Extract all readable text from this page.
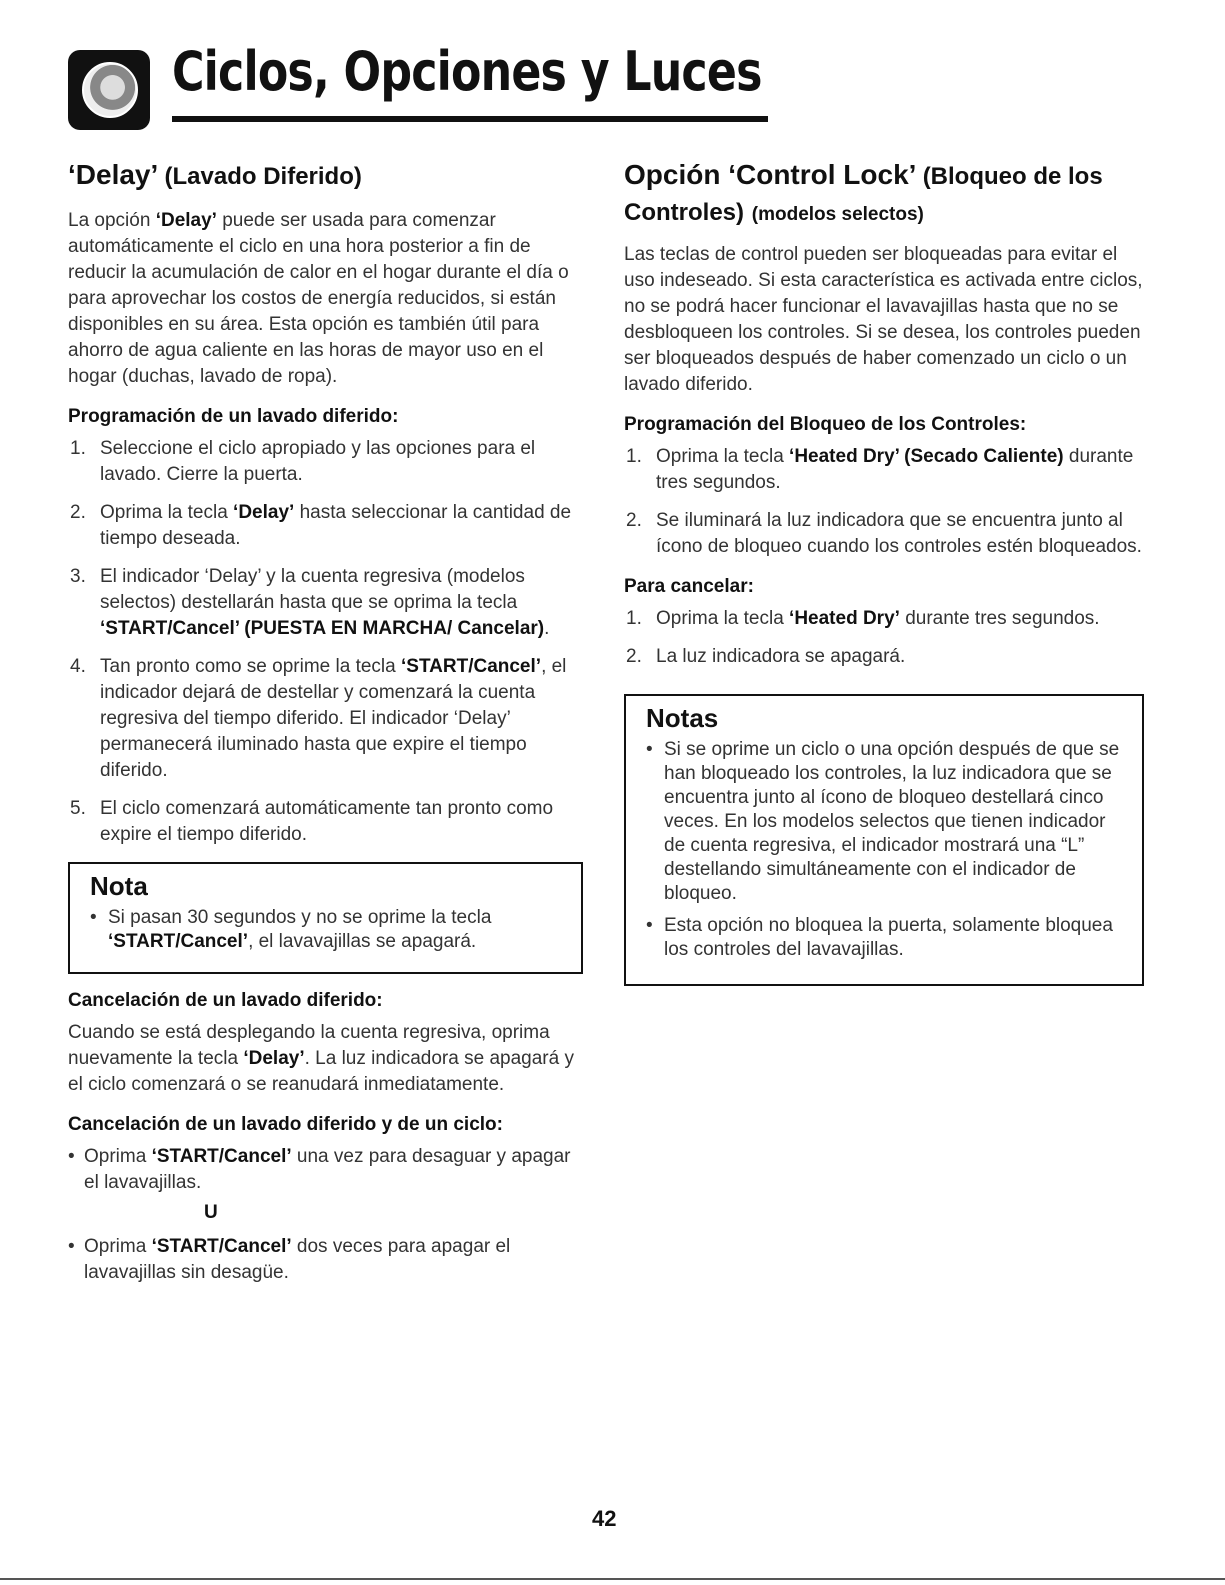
Ciclos, Opciones y Luces
‘Delay’ (Lavado Diferido)

La opción ‘Delay’ puede ser usada para comenzar automáticamente el ciclo en una hora posterior a fin de reducir la acumulación de calor en el hogar durante el día o para aprovechar los costos de energía reducidos, si están disponibles en su área. Esta opción es también útil para ahorro de agua caliente en las horas de mayor uso en el hogar (duchas, lavado de ropa).

Programación de un lavado diferido:
1. Seleccione el ciclo apropiado y las opciones para el lavado. Cierre la puerta.
2. Oprima la tecla ‘Delay’ hasta seleccionar la cantidad de tiempo deseada.
3. El indicador ‘Delay’ y la cuenta regresiva (modelos selectos) destellarán hasta que se oprima la tecla ‘START/Cancel’ (PUESTA EN MARCHA/ Cancelar).
4. Tan pronto como se oprime la tecla ‘START/Cancel’, el indicador dejará de destellar y comenzará la cuenta regresiva del tiempo diferido. El indicador ‘Delay’ permanecerá iluminado hasta que expire el tiempo diferido.
5. El ciclo comenzará automáticamente tan pronto como expire el tiempo diferido.
Nota
• Si pasan 30 segundos y no se oprime la tecla ‘START/Cancel’, el lavavajillas se apagará.
Cancelación de un lavado diferido:

Cuando se está desplegando la cuenta regresiva, oprima nuevamente la tecla ‘Delay’. La luz indicadora se apagará y el ciclo comenzará o se reanudará inmediatamente.

Cancelación de un lavado diferido y de un ciclo:
• Oprima ‘START/Cancel’ una vez para desaguar y apagar el lavavajillas.
U
• Oprima ‘START/Cancel’ dos veces para apagar el lavavajillas sin desagüe.
Opción ‘Control Lock’ (Bloqueo de los Controles) (modelos selectos)

Las teclas de control pueden ser bloqueadas para evitar el uso indeseado. Si esta característica es activada entre ciclos, no se podrá hacer funcionar el lavavajillas hasta que no se desbloqueen los controles. Si se desea, los controles pueden ser bloqueados después de haber comenzado un ciclo o un lavado diferido.

Programación del Bloqueo de los Controles:
1. Oprima la tecla ‘Heated Dry’ (Secado Caliente) durante tres segundos.
2. Se iluminará la luz indicadora que se encuentra junto al ícono de bloqueo cuando los controles estén bloqueados.
Para cancelar:
1. Oprima la tecla ‘Heated Dry’ durante tres segundos.
2. La luz indicadora se apagará.
Notas
• Si se oprime un ciclo o una opción después de que se han bloqueado los controles, la luz indicadora que se encuentra junto al ícono de bloqueo destellará cinco veces. En los modelos selectos que tienen indicador de cuenta regresiva, el indicador mostrará una “L” destellando simultáneamente con el indicador de bloqueo.
• Esta opción no bloquea la puerta, solamente bloquea los controles del lavavajillas.
42
